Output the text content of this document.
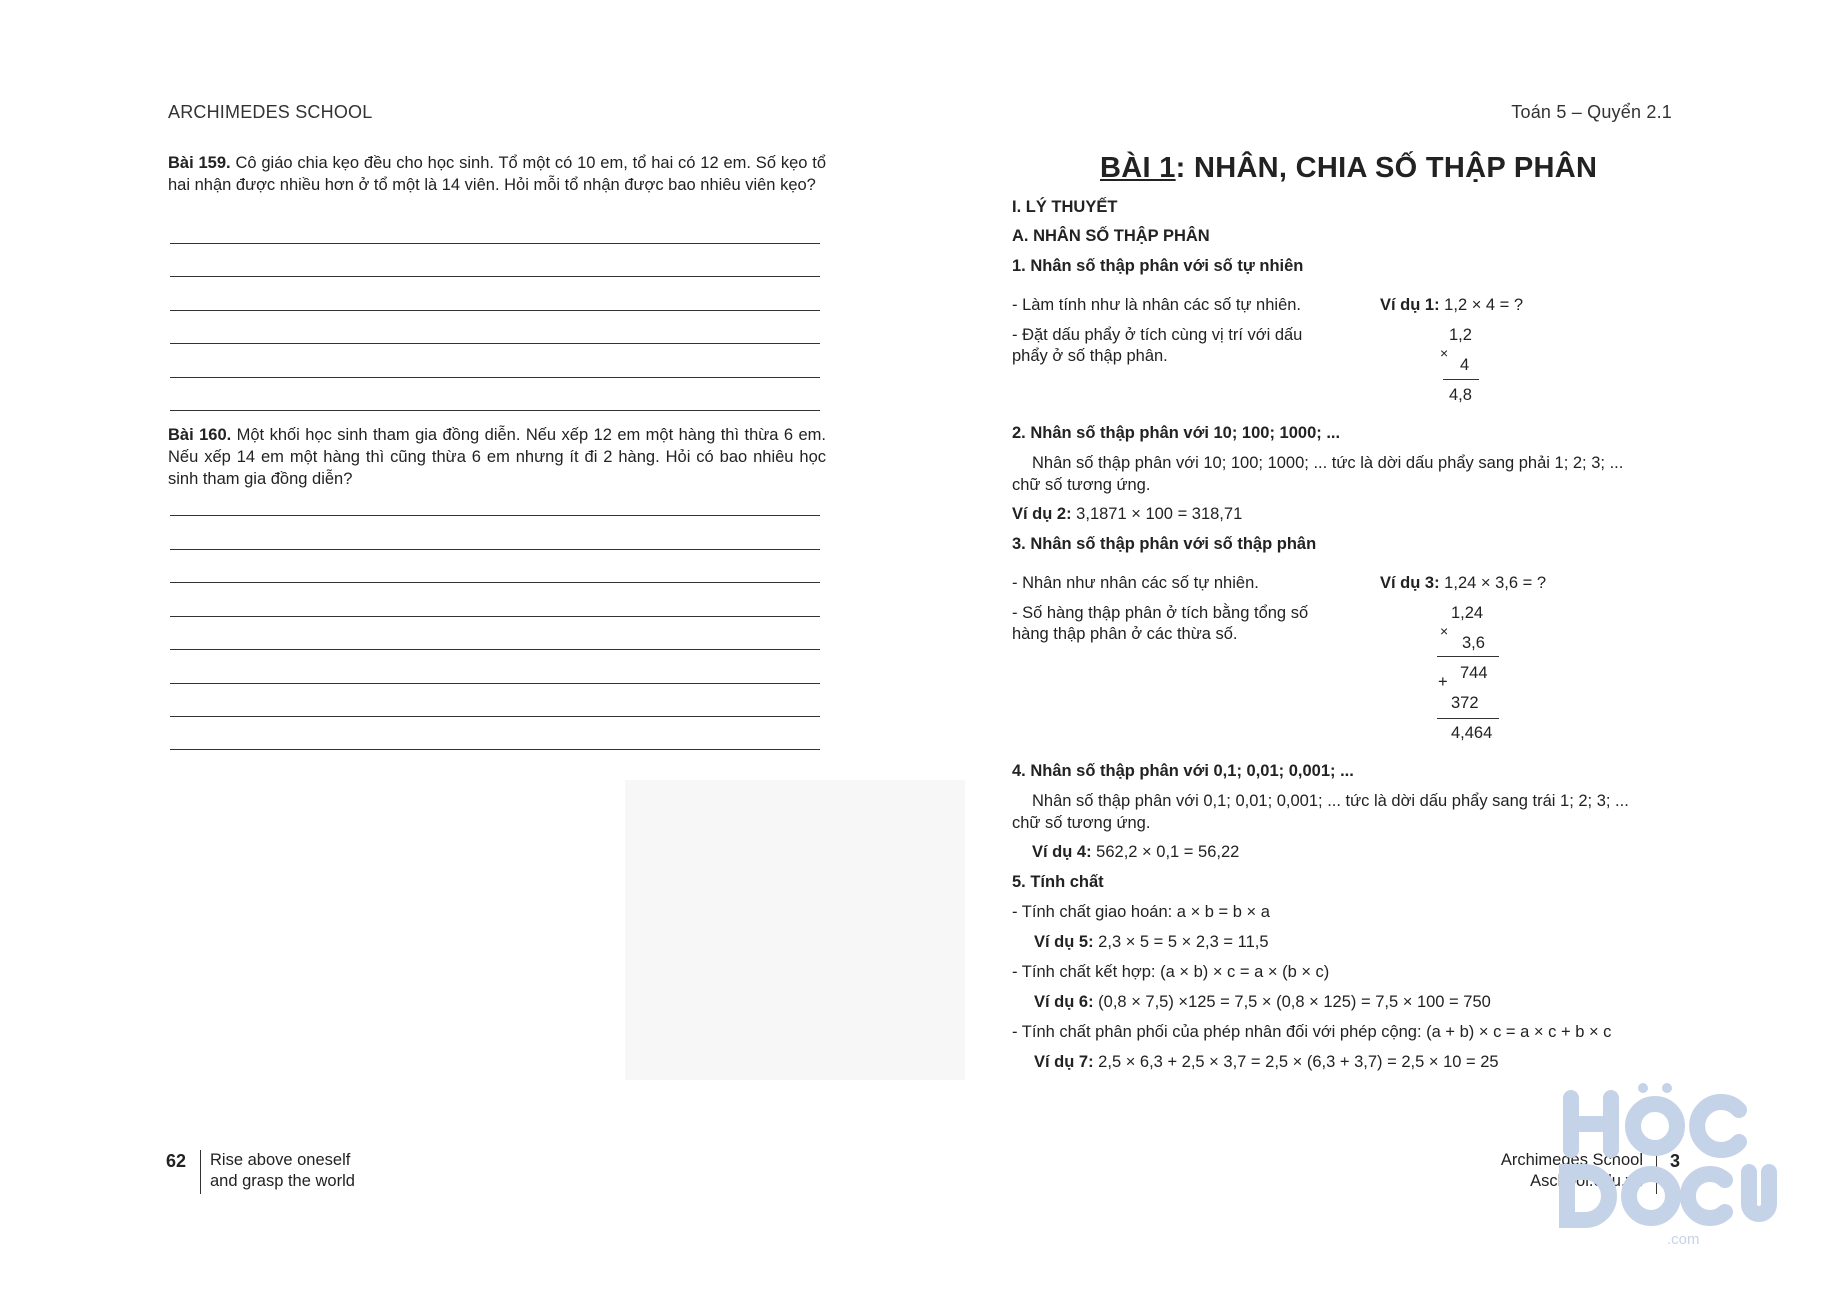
ARCHIMEDES SCHOOL
Bài 159. Cô giáo chia kẹo đều cho học sinh. Tổ một có 10 em, tổ hai có 12 em. Số kẹo tổ hai nhận được nhiều hơn ở tổ một là 14 viên. Hỏi mỗi tổ nhận được bao nhiêu viên kẹo?
Bài 160. Một khối học sinh tham gia đồng diễn. Nếu xếp 12 em một hàng thì thừa 6 em. Nếu xếp 14 em một hàng thì cũng thừa 6 em nhưng ít đi 2 hàng. Hỏi có bao nhiêu học sinh tham gia đồng diễn?
62 Rise above oneself
and grasp the world
Toán 5 – Quyển 2.1
BÀI 1: NHÂN, CHIA SỐ THẬP PHÂN
I. LÝ THUYẾT
A. NHÂN SỐ THẬP PHÂN
1. Nhân số thập phân với số tự nhiên
- Làm tính như là nhân các số tự nhiên.
- Đặt dấu phẩy ở tích cùng vị trí với dấu
phẩy ở số thập phân.
Ví dụ 1: 1,2 × 4 = ?
1,2
×
4
4,8
2. Nhân số thập phân với 10; 100; 1000; ...
Nhân số thập phân với 10; 100; 1000; ... tức là dời dấu phẩy sang phải 1; 2; 3; ...
chữ số tương ứng.
Ví dụ 2: 3,1871 × 100 = 318,71
3. Nhân số thập phân với số thập phân
- Nhân như nhân các số tự nhiên.
- Số hàng thập phân ở tích bằng tổng số
hàng thập phân ở các thừa số.
Ví dụ 3: 1,24 × 3,6 = ?
1,24
×
3,6
744
+
372
4,464
4. Nhân số thập phân với 0,1; 0,01; 0,001; ...
Nhân số thập phân với 0,1; 0,01; 0,001; ... tức là dời dấu phẩy sang trái 1; 2; 3; ...
chữ số tương ứng.
Ví dụ 4: 562,2 × 0,1 = 56,22
5. Tính chất
- Tính chất giao hoán: a × b = b × a
Ví dụ 5: 2,3 × 5 = 5 × 2,3 = 11,5
- Tính chất kết hợp: (a × b) × c = a × (b × c)
Ví dụ 6: (0,8 × 7,5) ×125 = 7,5 × (0,8 × 125) = 7,5 × 100 = 750
- Tính chất phân phối của phép nhân đối với phép cộng: (a + b) × c = a × c + b × c
Ví dụ 7: 2,5 × 6,3 + 2,5 × 3,7 = 2,5 × (6,3 + 3,7) = 2,5 × 10 = 25
Archimedes School
Aschool.edu.vn
3
.com
